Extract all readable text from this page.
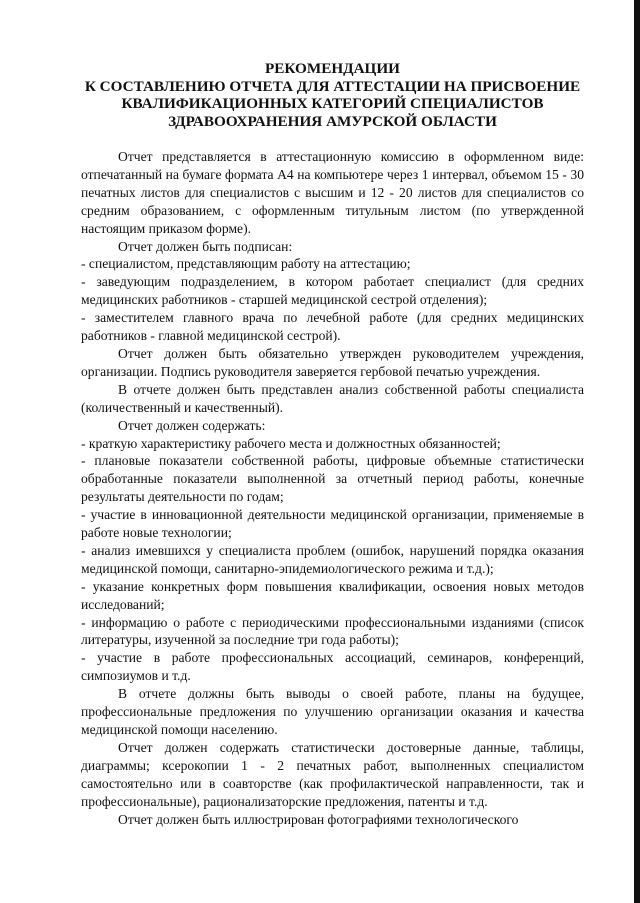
РЕКОМЕНДАЦИИ
К СОСТАВЛЕНИЮ ОТЧЕТА ДЛЯ АТТЕСТАЦИИ НА ПРИСВОЕНИЕ
КВАЛИФИКАЦИОННЫХ КАТЕГОРИЙ СПЕЦИАЛИСТОВ
ЗДРАВООХРАНЕНИЯ АМУРСКОЙ ОБЛАСТИ

Отчет представляется в аттестационную комиссию в оформленном виде: отпечатанный на бумаге формата А4 на компьютере через 1 интервал, объемом 15 - 30 печатных листов для специалистов с высшим и 12 - 20 листов для специалистов со средним образованием, с оформленным титульным листом (по утвержденной настоящим приказом форме).

Отчет должен быть подписан:

- специалистом, представляющим работу на аттестацию;

- заведующим подразделением, в котором работает специалист (для средних медицинских работников - старшей медицинской сестрой отделения);

- заместителем главного врача по лечебной работе (для средних медицинских работников - главной медицинской сестрой).

Отчет должен быть обязательно утвержден руководителем учреждения, организации. Подпись руководителя заверяется гербовой печатью учреждения.

В отчете должен быть представлен анализ собственной работы специалиста (количественный и качественный).

Отчет должен содержать:

- краткую характеристику рабочего места и должностных обязанностей;

- плановые показатели собственной работы, цифровые объемные статистически обработанные показатели выполненной за отчетный период работы, конечные результаты деятельности по годам;

- участие в инновационной деятельности медицинской организации, применяемые в работе новые технологии;

- анализ имевшихся у специалиста проблем (ошибок, нарушений порядка оказания медицинской помощи, санитарно-эпидемиологического режима и т.д.);

- указание конкретных форм повышения квалификации, освоения новых методов исследований;

- информацию о работе с периодическими профессиональными изданиями (список литературы, изученной за последние три года работы);

- участие в работе профессиональных ассоциаций, семинаров, конференций, симпозиумов и т.д.

В отчете должны быть выводы о своей работе, планы на будущее, профессиональные предложения по улучшению организации оказания и качества медицинской помощи населению.

Отчет должен содержать статистически достоверные данные, таблицы, диаграммы; ксерокопии 1 - 2 печатных работ, выполненных специалистом самостоятельно или в соавторстве (как профилактической направленности, так и профессиональные), рационализаторские предложения, патенты и т.д.

Отчет должен быть иллюстрирован фотографиями технологического
